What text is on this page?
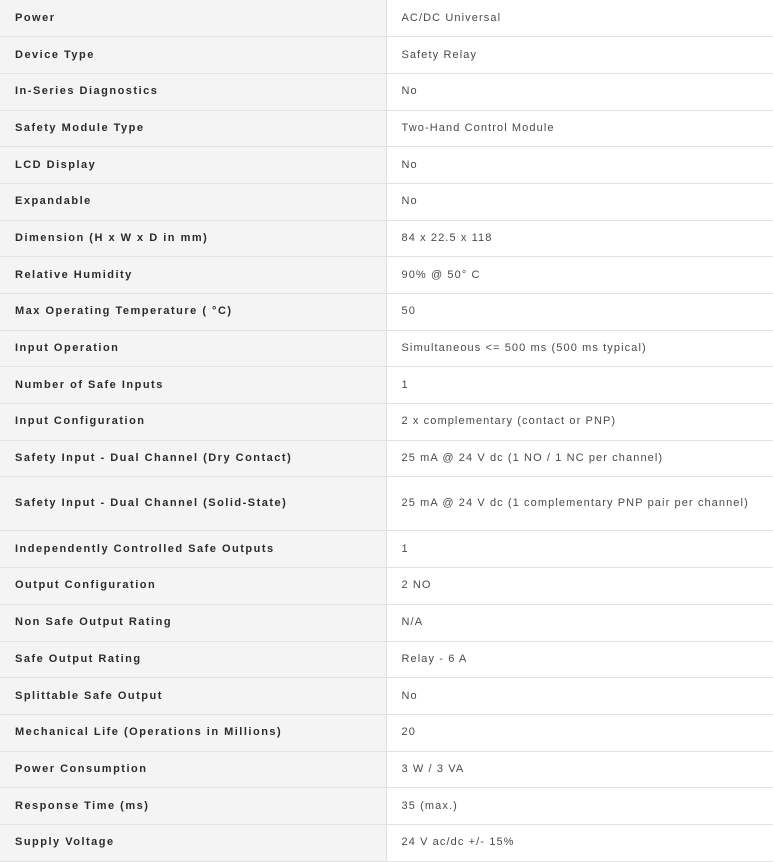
Power	AC/DC Universal
Device Type	Safety Relay
In-Series Diagnostics	No
Safety Module Type	Two-Hand Control Module
LCD Display	No
Expandable	No
Dimension (H x W x D in mm)	84 x 22.5 x 118
Relative Humidity	90% @ 50° C
Max Operating Temperature ( °C)	50
Input Operation	Simultaneous <= 500 ms (500 ms typical)
Number of Safe Inputs	1
Input Configuration	2 x complementary (contact or PNP)
Safety Input - Dual Channel (Dry Contact)	25 mA @ 24 V dc (1 NO / 1 NC per channel)
Safety Input - Dual Channel (Solid-State)	25 mA @ 24 V dc (1 complementary PNP pair per channel)
Independently Controlled Safe Outputs	1
Output Configuration	2 NO
Non Safe Output Rating	N/A
Safe Output Rating	Relay - 6 A
Splittable Safe Output	No
Mechanical Life (Operations in Millions)	20
Power Consumption	3 W / 3 VA
Response Time (ms)	35 (max.)
Supply Voltage	24 V ac/dc +/- 15%
